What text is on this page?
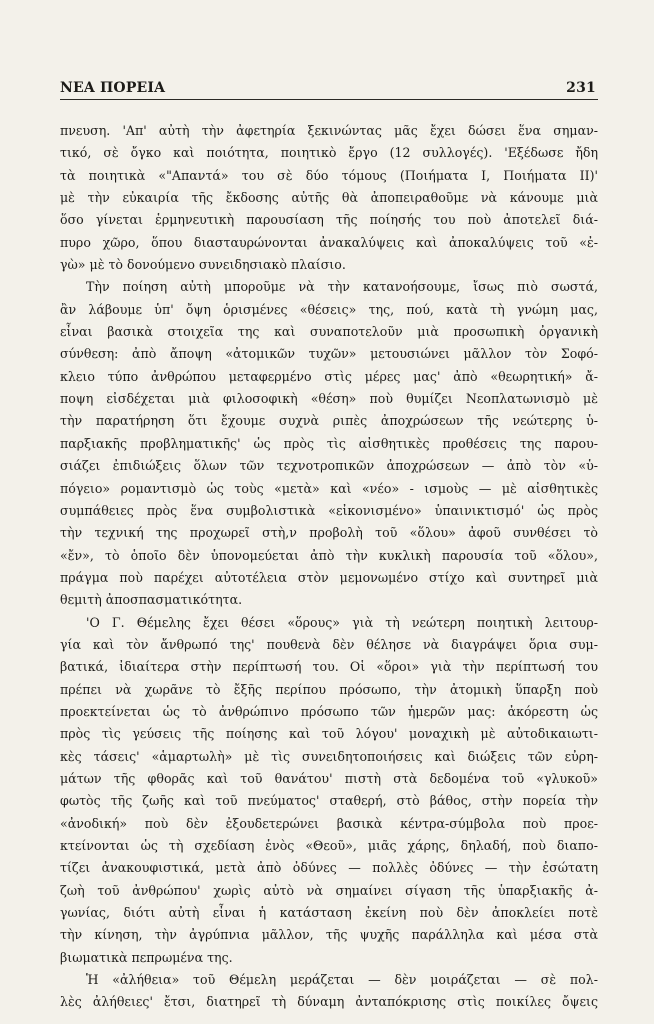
ΝΕΑ ΠΟΡΕΙΑ	231
πνευση. 'Απ' αὐτὴ τὴν ἀφετηρία ξεκινώντας μᾶς ἔχει δώσει ἕνα σημαν-
τικό, σὲ ὄγκο καὶ ποιότητα, ποιητικὸ ἔργο (12 συλλογές). 'Εξέδωσε ἤδη
τὰ ποιητικὰ «"Απαντά» του σὲ δύο τόμους (Ποιήματα Ι, Ποιήματα ΙΙ)'
μὲ τὴν εὐκαιρία τῆς ἔκδοσης αὐτῆς θὰ ἀποπειραθοῦμε νὰ κάνουμε μιὰ
ὅσο γίνεται ἑρμηνευτικὴ παρουσίαση τῆς ποίησής του ποὺ ἀποτελεῖ διά-
πυρο χῶρο, ὅπου διασταυρώνονται ἀνακαλύψεις καὶ ἀποκαλύψεις τοῦ «ἐ-
γὼ» μὲ τὸ δονούμενο συνειδησιακὸ πλαίσιο.
Τὴν ποίηση αὐτὴ μποροῦμε νὰ τὴν κατανοήσουμε, ἴσως πιὸ σωστά,
ἂν λάβουμε ὑπ' ὄψη ὁρισμένες «θέσεις» της, πού, κατὰ τὴ γνώμη μας,
εἶναι βασικὰ στοιχεῖα της καὶ συναποτελοῦν μιὰ προσωπικὴ ὀργανικὴ
σύνθεση: ἀπὸ ἄποψη «ἀτομικῶν τυχῶν» μετουσιώνει μᾶλλον τὸν Σοφό-
κλειο τύπο ἀνθρώπου μεταφερμένο στὶς μέρες μας' ἀπὸ «θεωρητική» ἄ-
ποψη εἰσδέχεται μιὰ φιλοσοφικὴ «θέση» ποὺ θυμίζει Νεοπλατωνισμὸ μὲ
τὴν παρατήρηση ὅτι ἔχουμε συχνὰ ριπὲς ἀποχρώσεων τῆς νεώτερης ὑ-
παρξιακῆς προβληματικῆς' ὡς πρὸς τὶς αἰσθητικὲς προθέσεις της παρου-
σιάζει ἐπιδιώξεις ὅλων τῶν τεχνοτροπικῶν ἀποχρώσεων — ἀπὸ τὸν «ὑ-
πόγειο» ρομαντισμὸ ὡς τοὺς «μετὰ» καὶ «νέο» - ισμοὺς — μὲ αἰσθητικὲς
συμπάθειες πρὸς ἕνα συμβολιστικὰ «εἰκονισμένο» ὑπαινικτισμό' ὡς πρὸς
τὴν τεχνική της προχωρεῖ στὴ,ν προβολὴ τοῦ «ὅλου» ἀφοῦ συνθέσει τὸ
«ἔν», τὸ ὁποῖο δὲν ὑπονομεύεται ἀπὸ τὴν κυκλικὴ παρουσία τοῦ «ὅλου»,
πράγμα ποὺ παρέχει αὐτοτέλεια στὸν μεμονωμένο στίχο καὶ συντηρεῖ μιὰ
θεμιτὴ ἀποσπασματικότητα.
'Ο Γ. Θέμελης ἔχει θέσει «ὅρους» γιὰ τὴ νεώτερη ποιητικὴ λειτουρ-
γία καὶ τὸν ἄνθρωπό της' πουθενὰ δὲν θέλησε νὰ διαγράψει ὅρια συμ-
βατικά, ἰδιαίτερα στὴν περίπτωσή του. Οἱ «ὅροι» γιὰ τὴν περίπτωσή του
πρέπει νὰ χωρᾶνε τὸ ἔξῆς περίπου πρόσωπο, τὴν ἀτομικὴ ὕπαρξη ποὺ
προεκτείνεται ὡς τὸ ἀνθρώπινο πρόσωπο τῶν ἡμερῶν μας: ἀκόρεστη ὡς
πρὸς τὶς γεύσεις τῆς ποίησης καὶ τοῦ λόγου' μοναχικὴ μὲ αὐτοδικαιωτι-
κὲς τάσεις' «ἁμαρτωλὴ» μὲ τὶς συνειδητοποιήσεις καὶ διώξεις τῶν εὐρη-
μάτων τῆς φθορᾶς καὶ τοῦ θανάτου' πιστὴ στὰ δεδομένα τοῦ «γλυκοῦ»
φωτὸς τῆς ζωῆς καὶ τοῦ πνεύματος' σταθερή, στὸ βάθος, στὴν πορεία τὴν
«ἀνοδική» ποὺ δὲν ἐξουδετερώνει βασικὰ κέντρα-σύμβολα ποὺ προε-
κτείνονται ὡς τὴ σχεδίαση ἑνὸς «Θεοῦ», μιᾶς χάρης, δηλαδή, ποὺ διαπο-
τίζει ἀνακουφιστικά, μετὰ ἀπὸ ὀδύνες — πολλὲς ὀδύνες — τὴν ἐσώτατη
ζωὴ τοῦ ἀνθρώπου' χωρὶς αὐτὸ νὰ σημαίνει σίγαση τῆς ὑπαρξιακῆς ἀ-
γωνίας, διότι αὐτὴ εἶναι ἡ κατάσταση ἐκείνη ποὺ δὲν ἀποκλείει ποτὲ
τὴν κίνηση, τὴν ἀγρύπνια μᾶλλον, τῆς ψυχῆς παράλληλα καὶ μέσα στὰ
βιωματικὰ πεπρωμένα της.
Ἡ «ἀλήθεια» τοῦ Θέμελη μεράζεται — δὲν μοιράζεται — σὲ πολ-
λὲς ἀλήθειες' ἔτσι, διατηρεῖ τὴ δύναμη ἀνταπόκρισης στὶς ποικίλες ὄψεις
